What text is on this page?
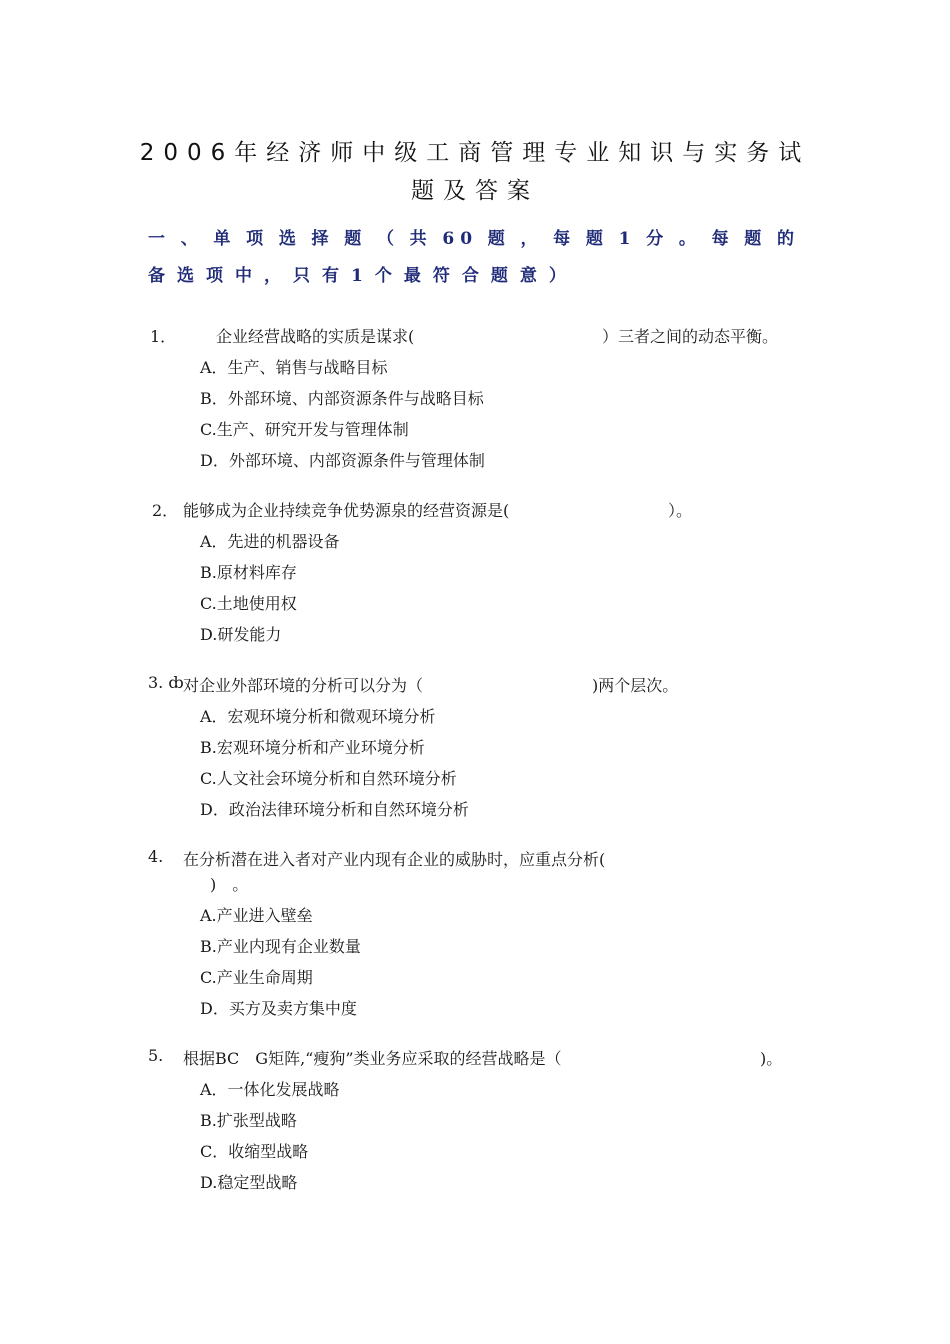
2006年经济师中级工商管理专业知识与实务试
题及答案
一、单项选择题（共60题，每题1分。每题的
备选项中，只有1个最符合题意）
1． 企业经营战略的实质是谋求(	）三者之间的动态平衡。
A．生产、销售与战略目标
B．外部环境、内部资源条件与战略目标
C.生产、研究开发与管理体制
D．外部环境、内部资源条件与管理体制
2． 能够成为企业持续竞争优势源泉的经营资源是(	）。
A．先进的机器设备
B.原材料库存
C.土地使用权
D.研发能力
3. ȸ 对企业外部环境的分析可以分为（	)两个层次。
A．宏观环境分析和微观环境分析
B.宏观环境分析和产业环境分析
C.人文社会环境分析和自然环境分析
D．政治法律环境分析和自然环境分析
4. 在分析潜在进入者对产业内现有企业的威胁时，应重点分析(
)　。
A.产业进入壁垒
B.产业内现有企业数量
C.产业生命周期
D．买方及卖方集中度
5. 根据BC　G矩阵,“瘦狗”类业务应采取的经营战略是（	)。
A．一体化发展战略
B.扩张型战略
C．收缩型战略
D.稳定型战略
